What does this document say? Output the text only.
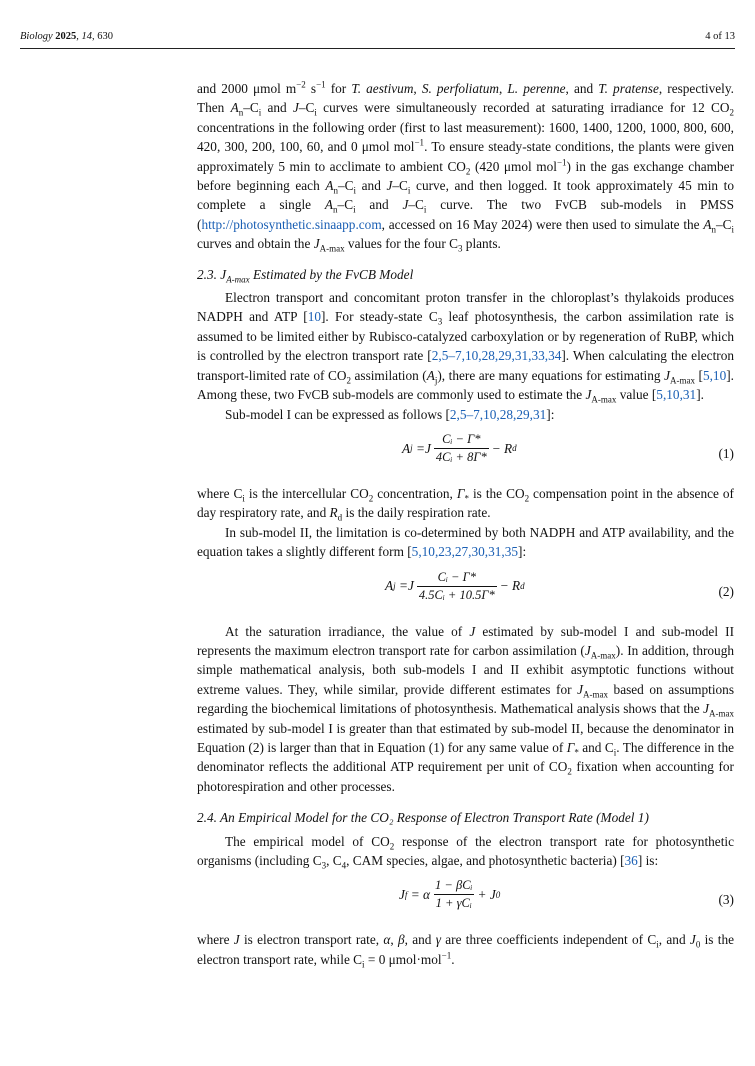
Biology 2025, 14, 630	4 of 13

and 2000 μmol $m^{-2}$ $s^{-1}$ for T. aestivum, S. perfoliatum, L. perenne, and T. pratense, respectively. Then $A_n-C_i$ and $J-C_i$ curves were simultaneously recorded at saturating irradiance for 12 $CO_2$ concentrations in the following order (first to last measurement): 1600, 1400, 1200, 1000, 800, 600, 420, 300, 200, 100, 60, and 0 μmol mol$^{-1}$. To ensure steady-state conditions, the plants were given approximately 5 min to acclimate to ambient $CO_2$ (420 μmol mol$^{-1}$) in the gas exchange chamber before beginning each $A_n-C_i$ and $J-C_i$ curve, and then logged. It took approximately 45 min to complete a single $A_n-C_i$ and $J-C_i$ curve. The two FvCB sub-models in PMSS (http://photosynthetic.sinaapp.com, accessed on 16 May 2024) were then used to simulate the $A_n-C_i$ curves and obtain the $J_{A-max}$ values for the four $C_3$ plants.

2.3. $J_{A-max}$ Estimated by the FvCB Model

Electron transport and concomitant proton transfer in the chloroplast’s thylakoids produces NADPH and ATP [10]. For steady-state $C_3$ leaf photosynthesis, the carbon assimilation rate is assumed to be limited either by Rubisco-catalyzed carboxylation or by regeneration of RuBP, which is controlled by the electron transport rate [2,5–7,10,28,29,31,33,34]. When calculating the electron transport-limited rate of $CO_2$ assimilation $(A_j)$, there are many equations for estimating $J_{A-max}$ [5,10]. Among these, two FvCB sub-models are commonly used to estimate the $J_{A-max}$ value [5,10,31].

Sub-model I can be expressed as follows [2,5–7,10,28,29,31]:

A j = J $\frac{\text{Cᵢ − Γ*}}{\text{4Cᵢ + 8Γ*}} - R$ d	(1)

where $C_i$ is the intercellular $CO_2$ concentration, $\Gamma_*$ is the $CO_2$ compensation point in the absence of day respiratory rate, and $R_d$ is the daily respiration rate.

In sub-model II, the limitation is co-determined by both NADPH and ATP availability, and the equation takes a slightly different form [5,10,23,27,30,31,35]:

A j = J $\frac{\text{Cᵢ − Γ*}}{\text{4.5Cᵢ + 10.5Γ*}} - R$ d	(2)

At the saturation irradiance, the value of J estimated by sub-model I and sub-model II represents the maximum electron transport rate for carbon assimilation $(J_{A-max})$. In addition, through simple mathematical analysis, both sub-models I and II exhibit asymptotic functions without extreme values. They, while similar, provide different estimates for $J_{A-max}$ based on assumptions regarding the biochemical limitations of photosynthesis. Mathematical analysis shows that the $J_{A-max}$ estimated by sub-model I is greater than that estimated by sub-model II, because the denominator in Equation (2) is larger than that in Equation (1) for any same value of $\Gamma_*$ and $C_i$. The difference in the denominator reflects the additional ATP requirement per unit of $CO_2$ fixation when accounting for photorespiration and other processes.

2.4. An Empirical Model for the CO₂ Response of Electron Transport Rate (Model 1)

The empirical model of $CO_2$ response of the electron transport rate for photosynthetic organisms (including $C_3$, $C_4$, CAM species, algae, and photosynthetic bacteria) [36] is:

J f = α $\frac{\text{1 − βCᵢ}}{\text{1 + γCᵢ}} + J$ 0	(3)

where J is electron transport rate, α, β, and γ are three coefficients independent of $C_i$, and $J_0$ is the electron transport rate, while $C_i = 0$ μmol·mol$^{-1}$.
